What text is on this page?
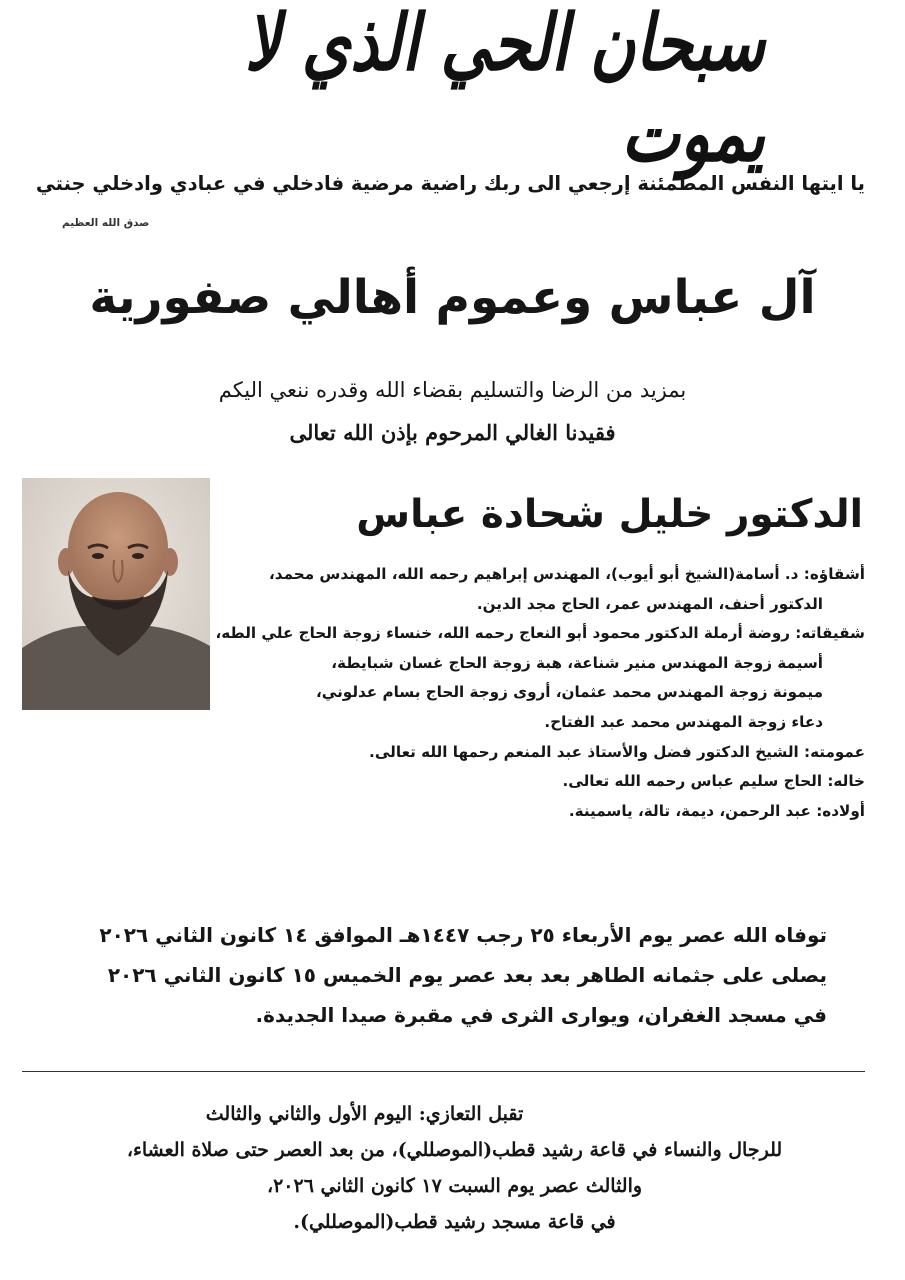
سبحان الحي الذي لا يموت
يا ايتها النفس المطمئنة إرجعي الى ربك راضية مرضية فادخلي في عبادي وادخلي جنتي
صدق الله العظيم
آل عباس وعموم أهالي صفورية
بمزيد من الرضا والتسليم بقضاء الله وقدره ننعي اليكم
فقيدنا الغالي المرحوم بإذن الله تعالى
الدكتور خليل شحادة عباس
أشقاؤه: د. أسامة(الشيخ أبو أيوب)، المهندس إبراهيم رحمه الله، المهندس محمد،
الدكتور أحنف، المهندس عمر، الحاج مجد الدين.
شقيقاته: روضة أرملة الدكتور محمود أبو النعاج رحمه الله، خنساء زوجة الحاج علي الطه،
أسيمة زوجة المهندس منير شناعة، هبة زوجة الحاج غسان شبايطة،
ميمونة زوجة المهندس محمد عثمان، أروى زوجة الحاج بسام عدلوني،
دعاء زوجة المهندس محمد عبد الفتاح.
عمومته: الشيخ الدكتور فضل والأستاذ عبد المنعم رحمها الله تعالى.
خاله: الحاج سليم عباس رحمه الله تعالى.
أولاده: عبد الرحمن، ديمة، تالة، ياسمينة.
توفاه الله عصر يوم الأربعاء ٢٥ رجب ١٤٤٧هـ الموافق ١٤ كانون الثاني ٢٠٢٦
يصلى على جثمانه الطاهر بعد بعد عصر يوم الخميس ١٥ كانون الثاني ٢٠٢٦
في مسجد الغفران، ويوارى الثرى في مقبرة صيدا الجديدة.
تقبل التعازي: اليوم الأول والثاني والثالث
للرجال والنساء في قاعة رشيد قطب(الموصللي)، من بعد العصر حتى صلاة العشاء،
والثالث عصر يوم السبت ١٧ كانون الثاني ٢٠٢٦،
في قاعة مسجد رشيد قطب(الموصللي).
